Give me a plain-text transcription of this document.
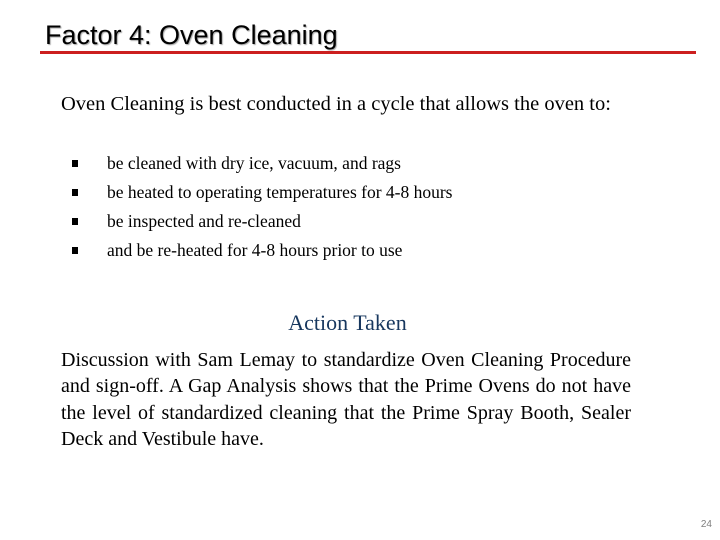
Factor 4: Oven Cleaning
Oven Cleaning is best conducted in a cycle that allows the oven to:
be cleaned with dry ice, vacuum, and rags
be heated to operating temperatures for 4-8 hours
be inspected and re-cleaned
and be re-heated for 4-8 hours prior to use
Action Taken
Discussion with Sam Lemay to standardize Oven Cleaning Procedure and sign-off. A Gap Analysis shows that the Prime Ovens do not have the level of standardized cleaning that the Prime Spray Booth, Sealer Deck and Vestibule have.
24
